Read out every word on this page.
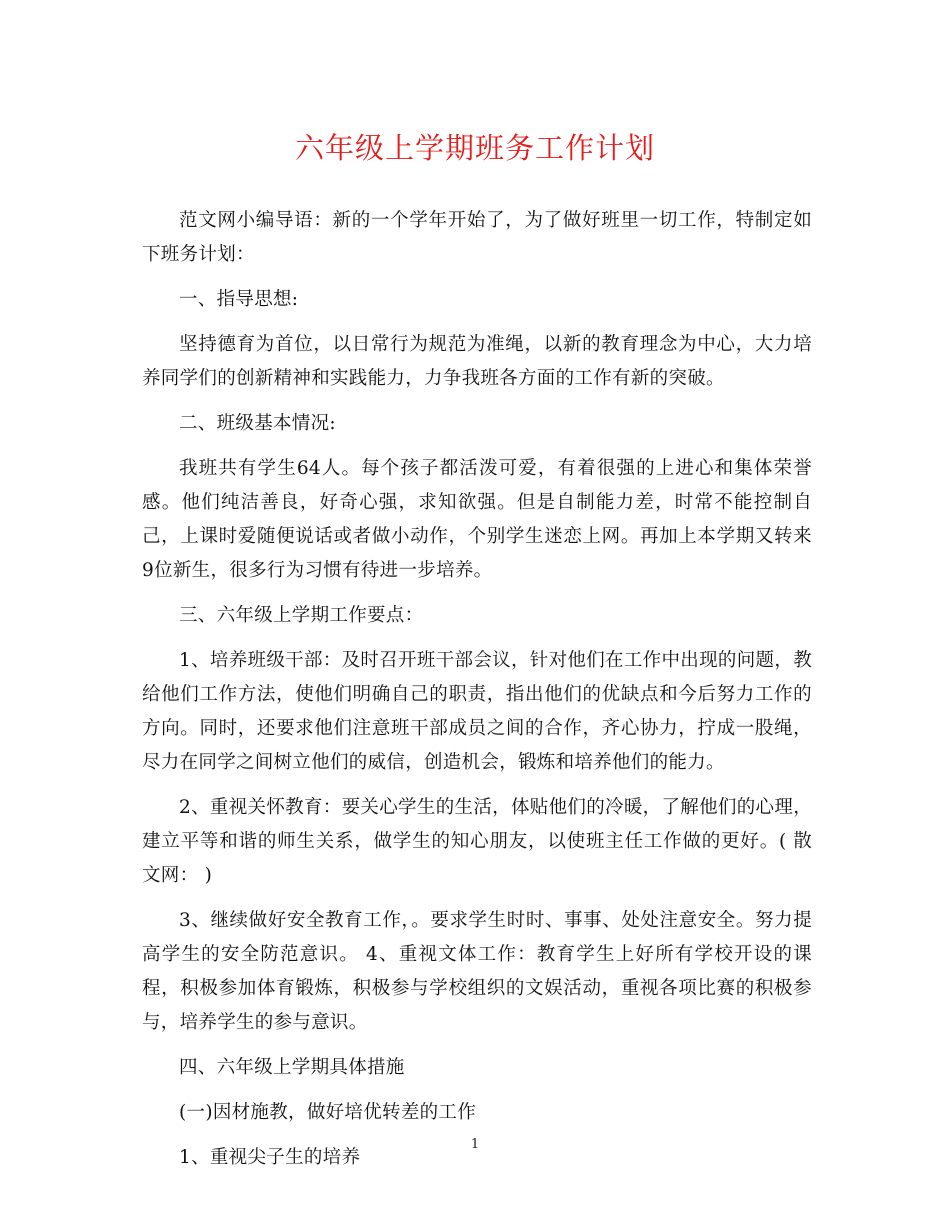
六年级上学期班务工作计划

范文网小编导语：新的一个学年开始了，为了做好班里一切工作，特制定如下班务计划：

一、指导思想:

坚持德育为首位，以日常行为规范为准绳，以新的教育理念为中心，大力培养同学们的创新精神和实践能力，力争我班各方面的工作有新的突破。

二、班级基本情况:

我班共有学生64人。每个孩子都活泼可爱，有着很强的上进心和集体荣誉感。他们纯洁善良，好奇心强，求知欲强。但是自制能力差，时常不能控制自己，上课时爱随便说话或者做小动作，个别学生迷恋上网。再加上本学期又转来9位新生，很多行为习惯有待进一步培养。

三、六年级上学期工作要点：

1、培养班级干部：及时召开班干部会议，针对他们在工作中出现的问题，教给他们工作方法，使他们明确自己的职责，指出他们的优缺点和今后努力工作的方向。同时，还要求他们注意班干部成员之间的合作，齐心协力，拧成一股绳，尽力在同学之间树立他们的威信，创造机会，锻炼和培养他们的能力。

2、重视关怀教育：要关心学生的生活，体贴他们的冷暖，了解他们的心理，建立平等和谐的师生关系，做学生的知心朋友，以使班主任工作做的更好。( 散文网： )

3、继续做好安全教育工作，。要求学生时时、事事、处处注意安全。努力提高学生的安全防范意识。 4、重视文体工作：教育学生上好所有学校开设的课程，积极参加体育锻炼，积极参与学校组织的文娱活动，重视各项比赛的积极参与，培养学生的参与意识。

四、六年级上学期具体措施

(一)因材施教，做好培优转差的工作

1、重视尖子生的培养

1
